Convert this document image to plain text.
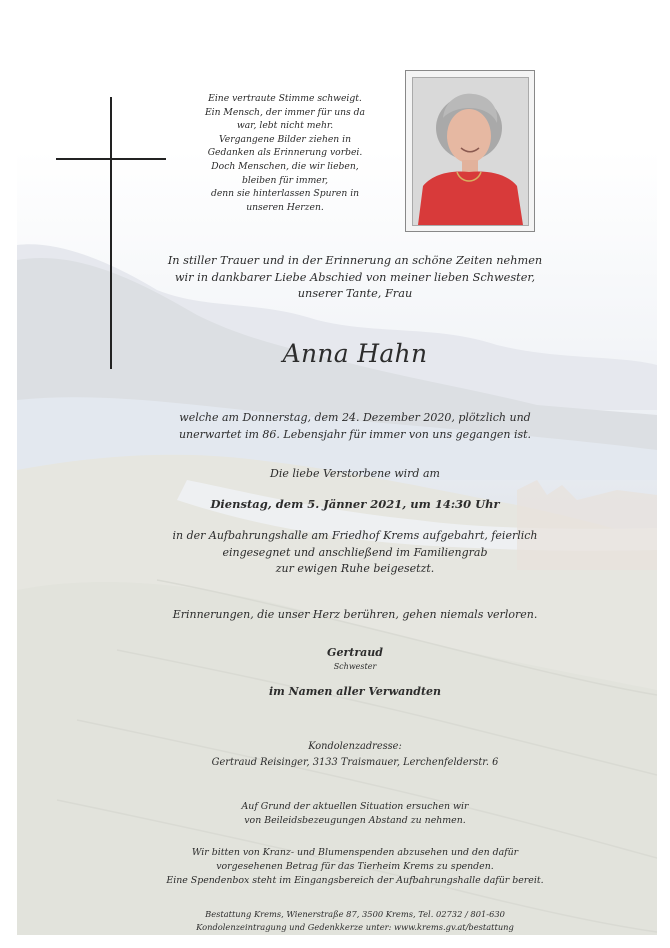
Eine vertraute Stimme schweigt.
Ein Mensch, der immer für uns da
war, lebt nicht mehr.
Vergangene Bilder ziehen in
Gedanken als Erinnerung vorbei.
Doch Menschen, die wir lieben,
bleiben für immer,
denn sie hinterlassen Spuren in
unseren Herzen.
In stiller Trauer und in der Erinnerung an schöne Zeiten nehmen
wir in dankbarer Liebe Abschied von meiner lieben Schwester,
unserer Tante, Frau
Anna Hahn
welche am Donnerstag, dem 24. Dezember 2020, plötzlich und
unerwartet im 86. Lebensjahr für immer von uns gegangen ist.
Die liebe Verstorbene wird am
Dienstag, dem 5. Jänner 2021, um 14:30 Uhr
in der Aufbahrungshalle am Friedhof Krems aufgebahrt, feierlich
eingesegnet und anschließend im Familiengrab
zur ewigen Ruhe beigesetzt.
Erinnerungen, die unser Herz berühren, gehen niemals verloren.
Gertraud
Schwester
im Namen aller Verwandten
Kondolenzadresse:
Gertraud Reisinger, 3133 Traismauer, Lerchenfelderstr. 6
Auf Grund der aktuellen Situation ersuchen wir
von Beileidsbezeugungen Abstand zu nehmen.
Wir bitten von Kranz- und Blumenspenden abzusehen und den dafür
vorgesehenen Betrag für das Tierheim Krems zu spenden.
Eine Spendenbox steht im Eingangsbereich der Aufbahrungshalle dafür bereit.
Bestattung Krems, Wienerstraße 87, 3500 Krems, Tel. 02732 / 801-630
Kondolenzeintragung und Gedenkkerze unter: www.krems.gv.at/bestattung
